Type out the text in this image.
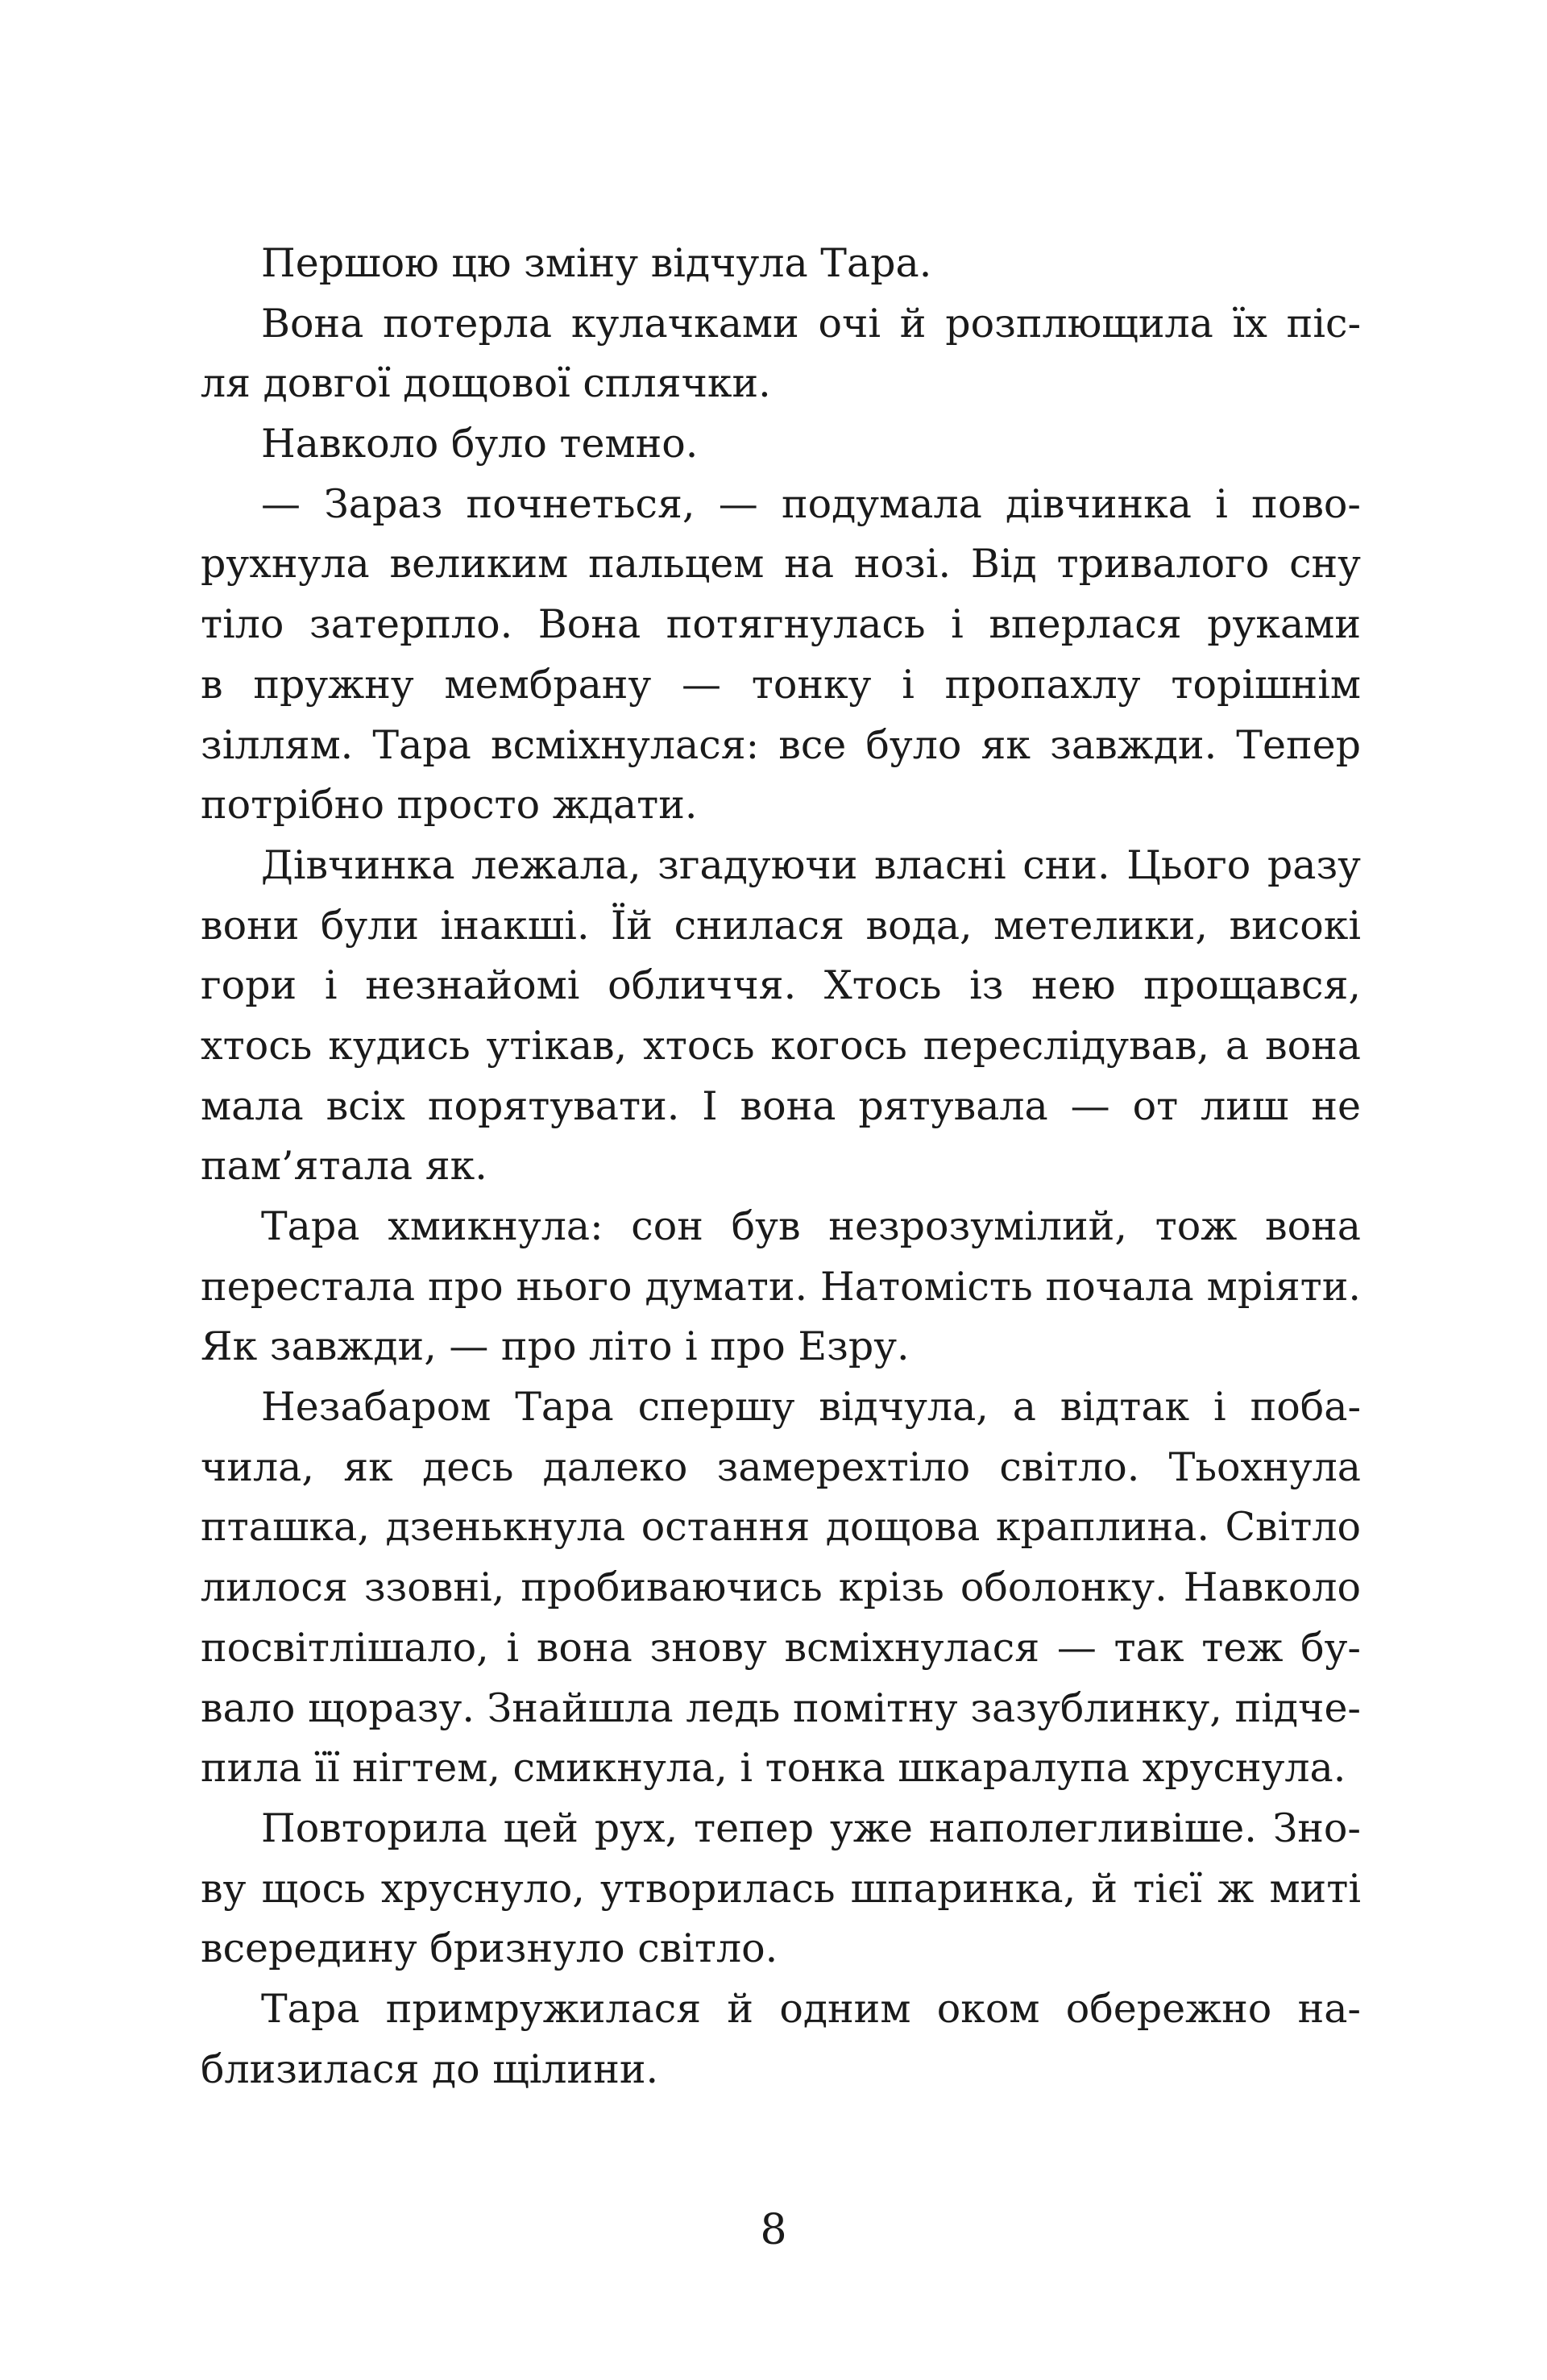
Першою цю зміну відчула Тара.
Вона потерла кулачками очі й розплющила їх піс-
ля довгої дощової сплячки.
Навколо було темно.
— Зараз почнеться, — подумала дівчинка і пово-
рухнула великим пальцем на нозі. Від тривалого сну
тіло затерпло. Вона потягнулась і вперлася руками
в пружну мембрану — тонку і пропахлу торішнім
зіллям. Тара всміхнулася: все було як завжди. Тепер
потрібно просто ждати.
Дівчинка лежала, згадуючи власні сни. Цього разу
вони були інакші. Їй снилася вода, метелики, високі
гори і незнайомі обличчя. Хтось із нею прощався,
хтось кудись утікав, хтось когось переслідував, а вона
мала всіх порятувати. І вона рятувала — от лиш не
пам’ятала як.
Тара хмикнула: сон був незрозумілий, тож вона
перестала про нього думати. Натомість почала мріяти.
Як завжди, — про літо і про Езру.
Незабаром Тара спершу відчула, а відтак і поба-
чила, як десь далеко замерехтіло світло. Тьохнула
пташка, дзенькнула остання дощова краплина. Світло
лилося ззовні, пробиваючись крізь оболонку. Навколо
посвітлішало, і вона знову всміхнулася — так теж бу-
вало щоразу. Знайшла ледь помітну зазублинку, підче-
пила її нігтем, смикнула, і тонка шкаралупа хруснула.
Повторила цей рух, тепер уже наполегливіше. Зно-
ву щось хруснуло, утворилась шпаринка, й тієї ж миті
всередину бризнуло світло.
Тара примружилася й одним оком обережно на-
близилася до щілини.
8
